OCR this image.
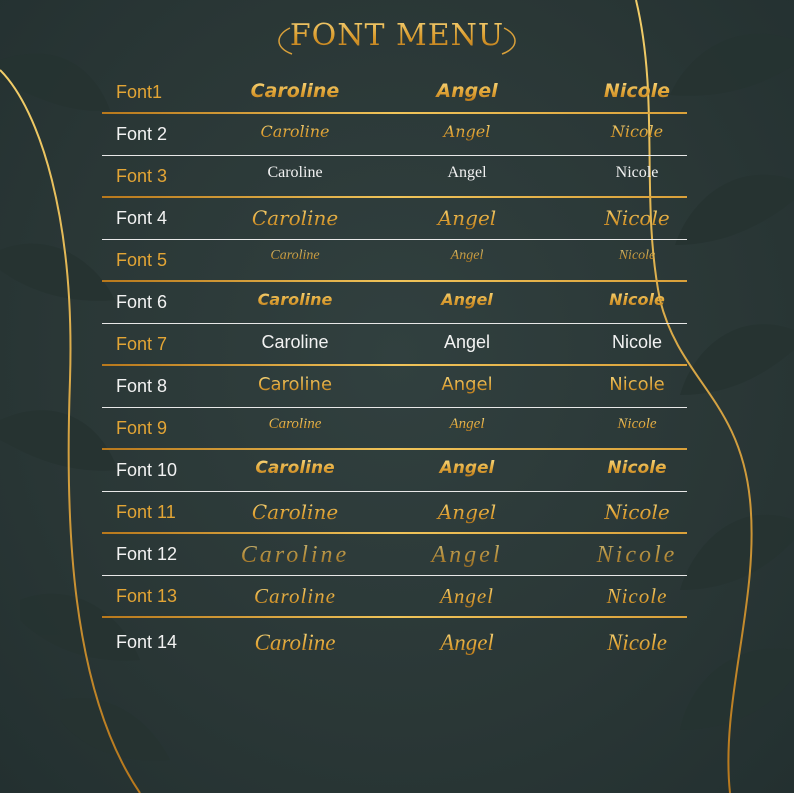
FONT MENU
Font1	Caroline	Angel	Nicole
Font 2	Caroline	Angel	Nicole
Font 3	Caroline	Angel	Nicole
Font 4	Caroline	Angel	Nicole
Font 5	Caroline	Angel	Nicole
Font 6	Caroline	Angel	Nicole
Font 7	Caroline	Angel	Nicole
Font 8	Caroline	Angel	Nicole
Font 9	Caroline	Angel	Nicole
Font 10	Caroline	Angel	Nicole
Font 11	Caroline	Angel	Nicole
Font 12	Caroline	Angel	Nicole
Font 13	Caroline	Angel	Nicole
Font 14	Caroline	Angel	Nicole
